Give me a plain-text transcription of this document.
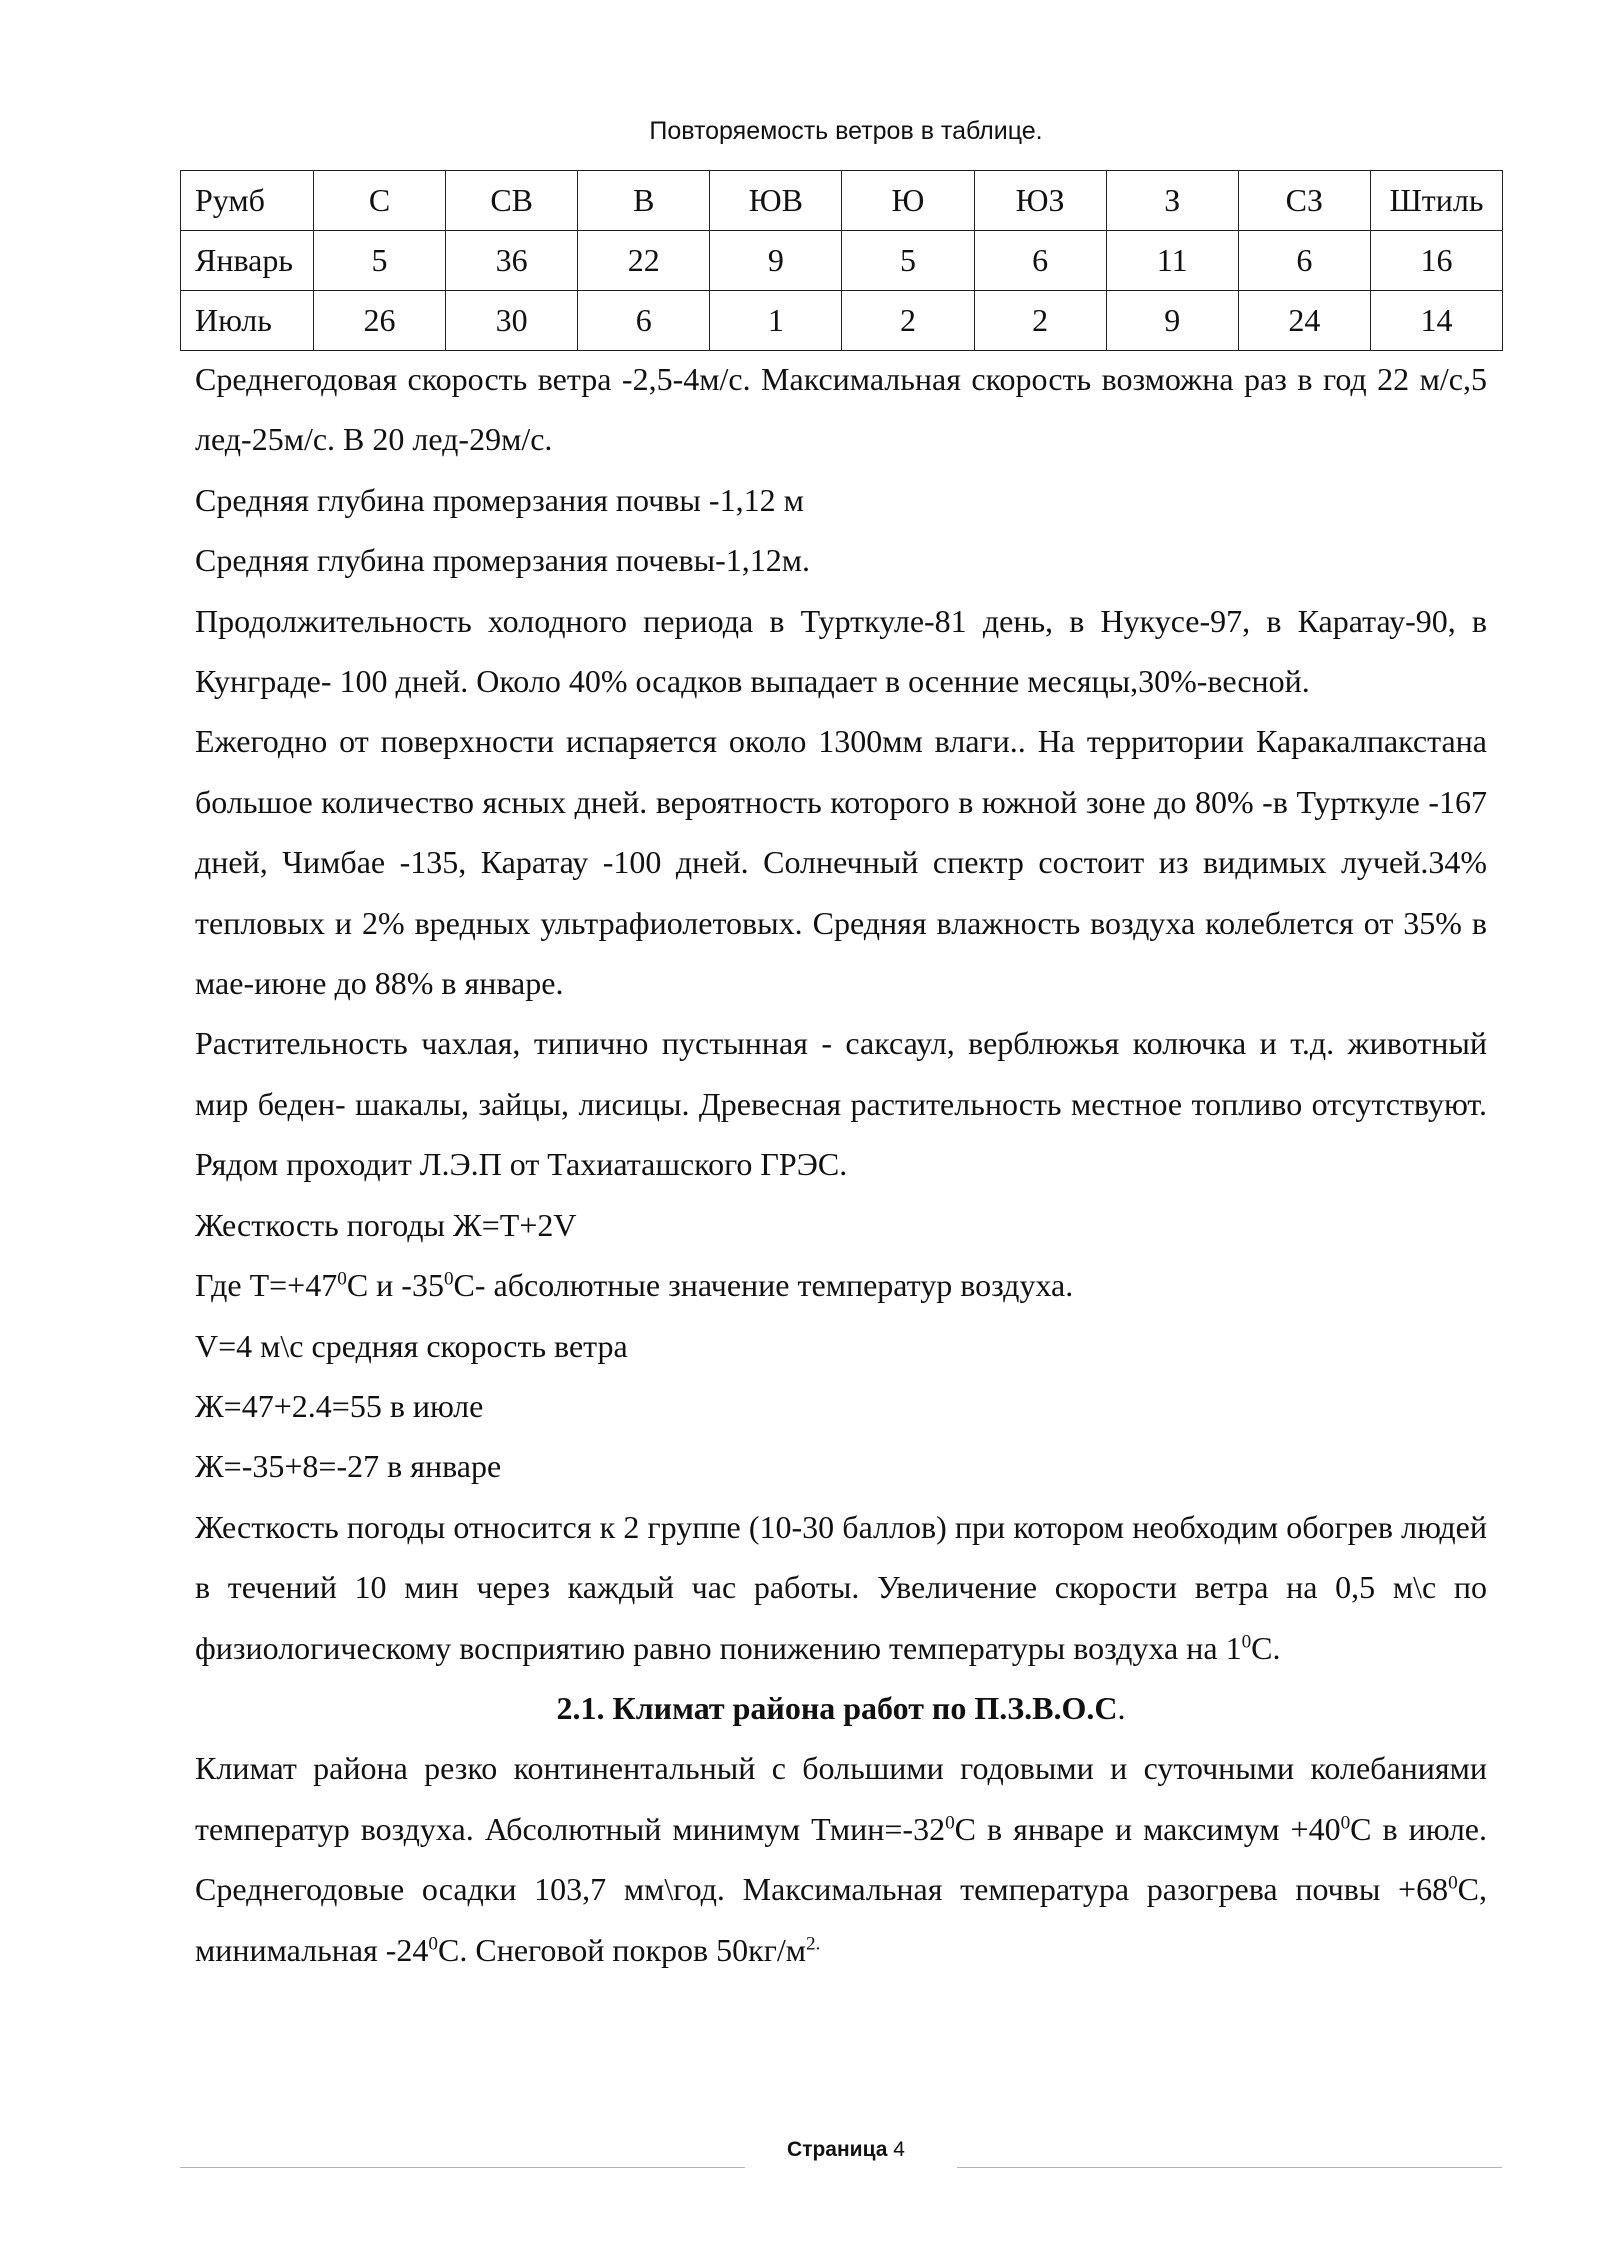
Повторяемость ветров в таблице.
Румб	С	СВ	В	ЮВ	Ю	ЮЗ	З	СЗ	Штиль
Январь	5	36	22	9	5	6	11	6	16
Июль	26	30	6	1	2	2	9	24	14

Среднегодовая скорость ветра -2,5-4м/с. Максимальная скорость возможна раз в год 22 м/с,5 лед-25м/с. В 20 лед-29м/с.

Средняя глубина промерзания почвы -1,12 м

Средняя глубина промерзания почевы-1,12м.

Продолжительность холодного периода в Турткуле-81 день, в Нукусе-97, в Каратау-90, в Кунграде- 100 дней. Около 40% осадков выпадает в осенние месяцы,30%-весной.

Ежегодно от поверхности испаряется около 1300мм влаги.. На территории Каракалпакстана большое количество ясных дней. вероятность которого в южной зоне до 80% -в Турткуле -167 дней, Чимбае -135, Каратау -100 дней. Солнечный спектр состоит из видимых лучей.34% тепловых и 2% вредных ультрафиолетовых. Средняя влажность воздуха колеблется от 35% в мае-июне до 88% в январе.

Растительность чахлая, типично пустынная - саксаул, верблюжья колючка и т.д. животный мир беден- шакалы, зайцы, лисицы. Древесная растительность местное топливо отсутствуют. Рядом проходит Л.Э.П от Тахиаташского ГРЭС.

Жесткость погоды Ж=Т+2V

Где $Т=+47^0С$ и $-35^0С-$ абсолютные значение температур воздуха.

V=4 м\с средняя скорость ветра

Ж=47+2.4=55 в июле

Ж=-35+8=-27 в январе

Жесткость погоды относится к 2 группе (10-30 баллов) при котором необходим обогрев людей в течений 10 мин через каждый час работы. Увеличение скорости ветра на 0,5 м\с по физиологическому восприятию равно понижению температуры воздуха на $1^0С$.

2.1. Климат района работ по П.З.В.О.С.

Климат района резко континентальный с большими годовыми и суточными колебаниями температур воздуха. Абсолютный минимум $Тмин=-32^0С$ в январе и максимум $+40^0С$ в июле. Среднегодовые осадки 103,7 мм\год. Максимальная температура разогрева почвы $+68^0С$, минимальная $-24^0С$. Снеговой покров $50кг/м^{2.}$

Страница 4
